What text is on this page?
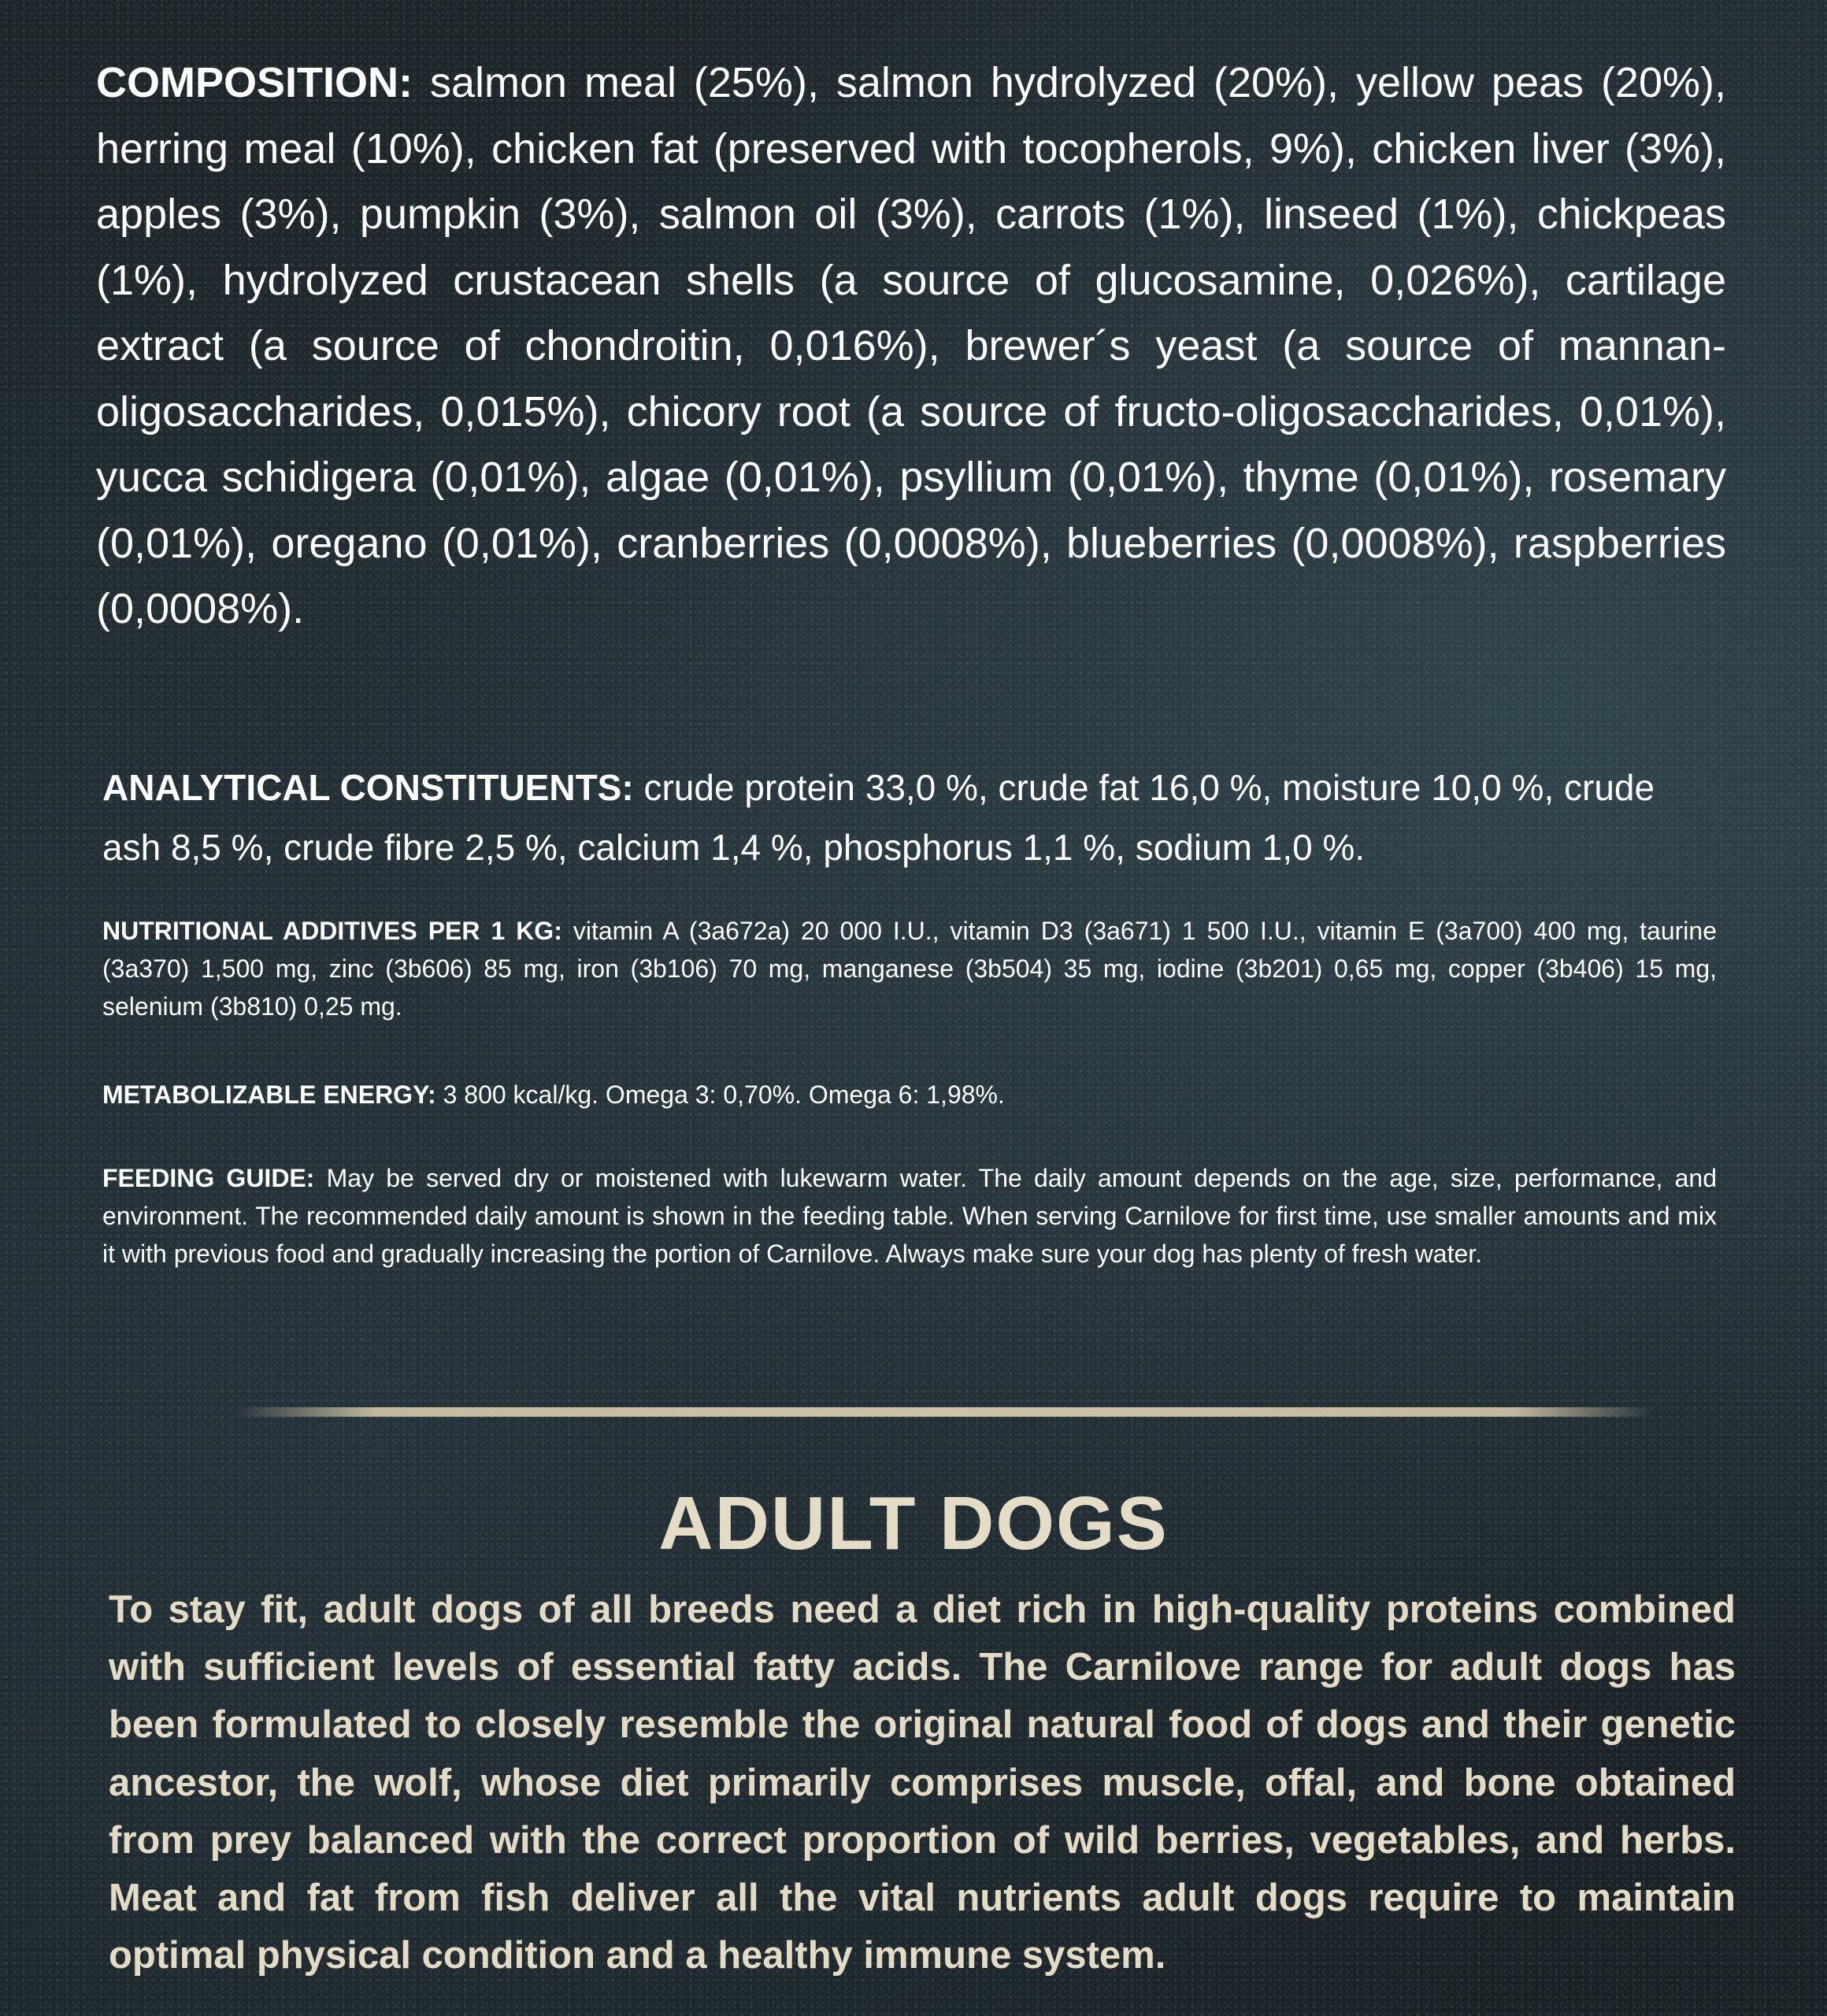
COMPOSITION: salmon meal (25%), salmon hydrolyzed (20%), yellow peas (20%), herring meal (10%), chicken fat (preserved with tocopherols, 9%), chicken liver (3%), apples (3%), pumpkin (3%), salmon oil (3%), carrots (1%), linseed (1%), chickpeas (1%), hydrolyzed crustacean shells (a source of glucosamine, 0,026%), cartilage extract (a source of chondroitin, 0,016%), brewer´s yeast (a source of mannan-oligosaccharides, 0,015%), chicory root (a source of fructo-oligosaccharides, 0,01%), yucca schidigera (0,01%), algae (0,01%), psyllium (0,01%), thyme (0,01%), rosemary (0,01%), oregano (0,01%), cranberries (0,0008%), blueberries (0,0008%), raspberries (0,0008%).
ANALYTICAL CONSTITUENTS: crude protein 33,0 %, crude fat 16,0 %, moisture 10,0 %, crude ash 8,5 %, crude fibre 2,5 %, calcium 1,4 %, phosphorus 1,1 %, sodium 1,0 %.
NUTRITIONAL ADDITIVES PER 1 KG: vitamin A (3a672a) 20 000 I.U., vitamin D3 (3a671) 1 500 I.U., vitamin E (3a700) 400 mg, taurine (3a370) 1,500 mg, zinc (3b606) 85 mg, iron (3b106) 70 mg, manganese (3b504) 35 mg, iodine (3b201) 0,65 mg, copper (3b406) 15 mg, selenium (3b810) 0,25 mg.
METABOLIZABLE ENERGY: 3 800 kcal/kg. Omega 3: 0,70%. Omega 6: 1,98%.
FEEDING GUIDE: May be served dry or moistened with lukewarm water. The daily amount depends on the age, size, performance, and environment. The recommended daily amount is shown in the feeding table. When serving Carnilove for first time, use smaller amounts and mix it with previous food and gradually increasing the portion of Carnilove. Always make sure your dog has plenty of fresh water.
ADULT DOGS
To stay fit, adult dogs of all breeds need a diet rich in high-quality proteins combined with sufficient levels of essential fatty acids. The Carnilove range for adult dogs has been formulated to closely resemble the original natural food of dogs and their genetic ancestor, the wolf, whose diet primarily comprises muscle, offal, and bone obtained from prey balanced with the correct proportion of wild berries, vegetables, and herbs. Meat and fat from fish deliver all the vital nutrients adult dogs require to maintain optimal physical condition and a healthy immune system.
